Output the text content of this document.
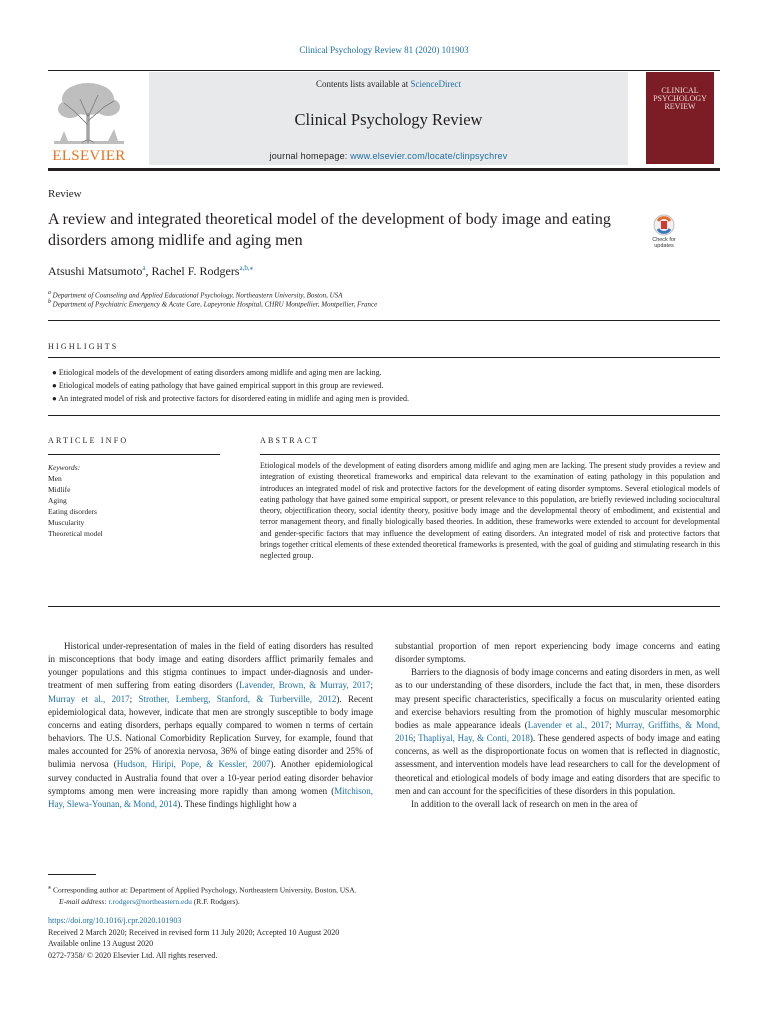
Clinical Psychology Review 81 (2020) 101903
ELSEVIER
Contents lists available at ScienceDirect
Clinical Psychology Review
journal homepage: www.elsevier.com/locate/clinpsychrev
CLINICAL PSYCHOLOGY REVIEW
Review
A review and integrated theoretical model of the development of body image and eating disorders among midlife and aging men	Check for updates
Atsushi Matsumoto$^a$, Rachel F. Rodgers$^{a,b,⁎}$
$^a$ Department of Counseling and Applied Educational Psychology, Northeastern University, Boston, USA
$^b$ Department of Psychiatric Emergency & Acute Care, Lapeyronie Hospital, CHRU Montpellier, Montpellier, France
HIGHLIGHTS
● Etiological models of the development of eating disorders among midlife and aging men are lacking.
● Etiological models of eating pathology that have gained empirical support in this group are reviewed.
● An integrated model of risk and protective factors for disordered eating in midlife and aging men is provided.
ARTICLE INFO	ABSTRACT
Keywords:
Men
Midlife
Aging
Eating disorders
Muscularity
Theoretical model
Etiological models of the development of eating disorders among midlife and aging men are lacking. The present study provides a review and integration of existing theoretical frameworks and empirical data relevant to the examination of eating pathology in this population and introduces an integrated model of risk and protective factors for the development of eating disorder symptoms. Several etiological models of eating pathology that have gained some empirical support, or present relevance to this population, are briefly reviewed including sociocultural theory, objectification theory, social identity theory, positive body image and the developmental theory of embodiment, and existential and terror management theory, and finally biologically based theories. In addition, these frameworks were extended to account for developmental and gender-specific factors that may influence the development of eating disorders. An integrated model of risk and protective factors that brings together critical elements of these extended theoretical frameworks is presented, with the goal of guiding and stimulating research in this neglected group.

Historical under-representation of males in the field of eating disorders has resulted in misconceptions that body image and eating disorders afflict primarily females and younger populations and this stigma continues to impact under-diagnosis and under-treatment of men suffering from eating disorders (Lavender, Brown, & Murray, 2017; Murray et al., 2017; Strother, Lemberg, Stanford, & Turberville, 2012). Recent epidemiological data, however, indicate that men are strongly susceptible to body image concerns and eating disorders, perhaps equally compared to women n terms of certain behaviors. The U.S. National Comorbidity Replication Survey, for example, found that males accounted for 25% of anorexia nervosa, 36% of binge eating disorder and 25% of bulimia nervosa (Hudson, Hiripi, Pope, & Kessler, 2007). Another epidemiological survey conducted in Australia found that over a 10-year period eating disorder behavior symptoms among men were increasing more rapidly than among women (Mitchison, Hay, Slewa-Younan, & Mond, 2014). These findings highlight how a

substantial proportion of men report experiencing body image concerns and eating disorder symptoms.

Barriers to the diagnosis of body image concerns and eating disorders in men, as well as to our understanding of these disorders, include the fact that, in men, these disorders may present specific characteristics, specifically a focus on muscularity oriented eating and exercise behaviors resulting from the promotion of highly muscular mesomorphic bodies as male appearance ideals (Lavender et al., 2017; Murray, Griffiths, & Mond, 2016; Thapliyal, Hay, & Conti, 2018). These gendered aspects of body image and eating concerns, as well as the disproportionate focus on women that is reflected in diagnostic, assessment, and intervention models have lead researchers to call for the development of theoretical and etiological models of body image and eating disorders that are specific to men and can account for the specificities of these disorders in this population.

In addition to the overall lack of research on men in the area of

⁎ Corresponding author at: Department of Applied Psychology, Northeastern University, Boston, USA.
E-mail address: r.rodgers@northeastern.edu (R.F. Rodgers).
https://doi.org/10.1016/j.cpr.2020.101903
Received 2 March 2020; Received in revised form 11 July 2020; Accepted 10 August 2020
Available online 13 August 2020
0272-7358/ © 2020 Elsevier Ltd. All rights reserved.
